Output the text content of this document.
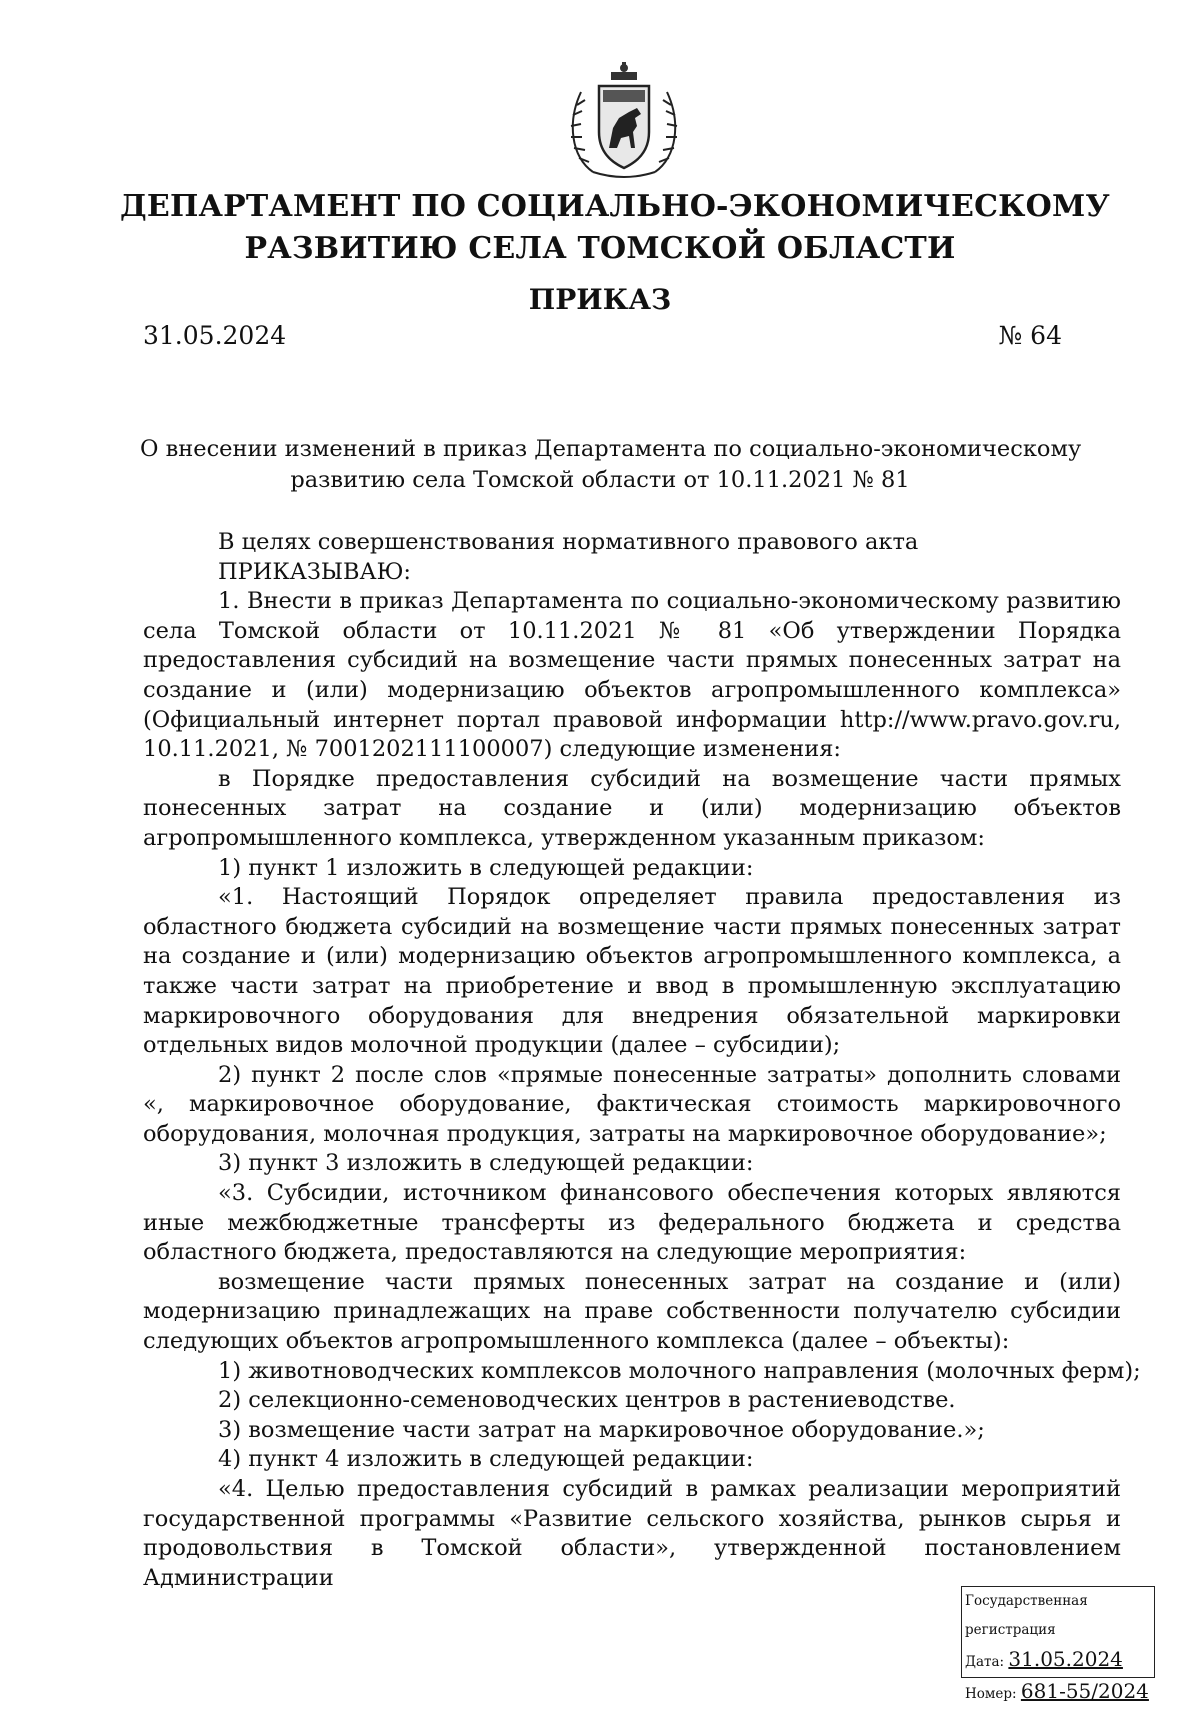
ДЕПАРТАМЕНТ ПО СОЦИАЛЬНО-ЭКОНОМИЧЕСКОМУ
РАЗВИТИЮ СЕЛА ТОМСКОЙ ОБЛАСТИ
ПРИКАЗ
31.05.2024	№ 64
О внесении изменений в приказ Департамента по социально-экономическому
развитию села Томской области от 10.11.2021 № 81

В целях совершенствования нормативного правового акта

ПРИКАЗЫВАЮ:

1. Внести в приказ Департамента по социально-экономическому развитию села Томской области от 10.11.2021 № 81 «Об утверждении Порядка предоставления субсидий на возмещение части прямых понесенных затрат на создание и (или) модернизацию объектов агропромышленного комплекса» (Официальный интернет портал правовой информации http://www.pravo.gov.ru, 10.11.2021, № 7001202111100007) следующие изменения:

в Порядке предоставления субсидий на возмещение части прямых понесенных затрат на создание и (или) модернизацию объектов агропромышленного комплекса, утвержденном указанным приказом:

1) пункт 1 изложить в следующей редакции:

«1. Настоящий Порядок определяет правила предоставления из областного бюджета субсидий на возмещение части прямых понесенных затрат на создание и (или) модернизацию объектов агропромышленного комплекса, а также части затрат на приобретение и ввод в промышленную эксплуатацию маркировочного оборудования для внедрения обязательной маркировки отдельных видов молочной продукции (далее – субсидии);

2) пункт 2 после слов «прямые понесенные затраты» дополнить словами «, маркировочное оборудование, фактическая стоимость маркировочного оборудования, молочная продукция, затраты на маркировочное оборудование»;

3) пункт 3 изложить в следующей редакции:

«3. Субсидии, источником финансового обеспечения которых являются иные межбюджетные трансферты из федерального бюджета и средства областного бюджета, предоставляются на следующие мероприятия:

возмещение части прямых понесенных затрат на создание и (или) модернизацию принадлежащих на праве собственности получателю субсидии следующих объектов агропромышленного комплекса (далее – объекты):

1) животноводческих комплексов молочного направления (молочных ферм);

2) селекционно-семеноводческих центров в растениеводстве.

3) возмещение части затрат на маркировочное оборудование.»;

4) пункт 4 изложить в следующей редакции:

«4. Целью предоставления субсидий в рамках реализации мероприятий государственной программы «Развитие сельского хозяйства, рынков сырья и продовольствия в Томской области», утвержденной постановлением Администрации

Государственная регистрация
Дата: 31.05.2024
Номер: 681-55/2024
